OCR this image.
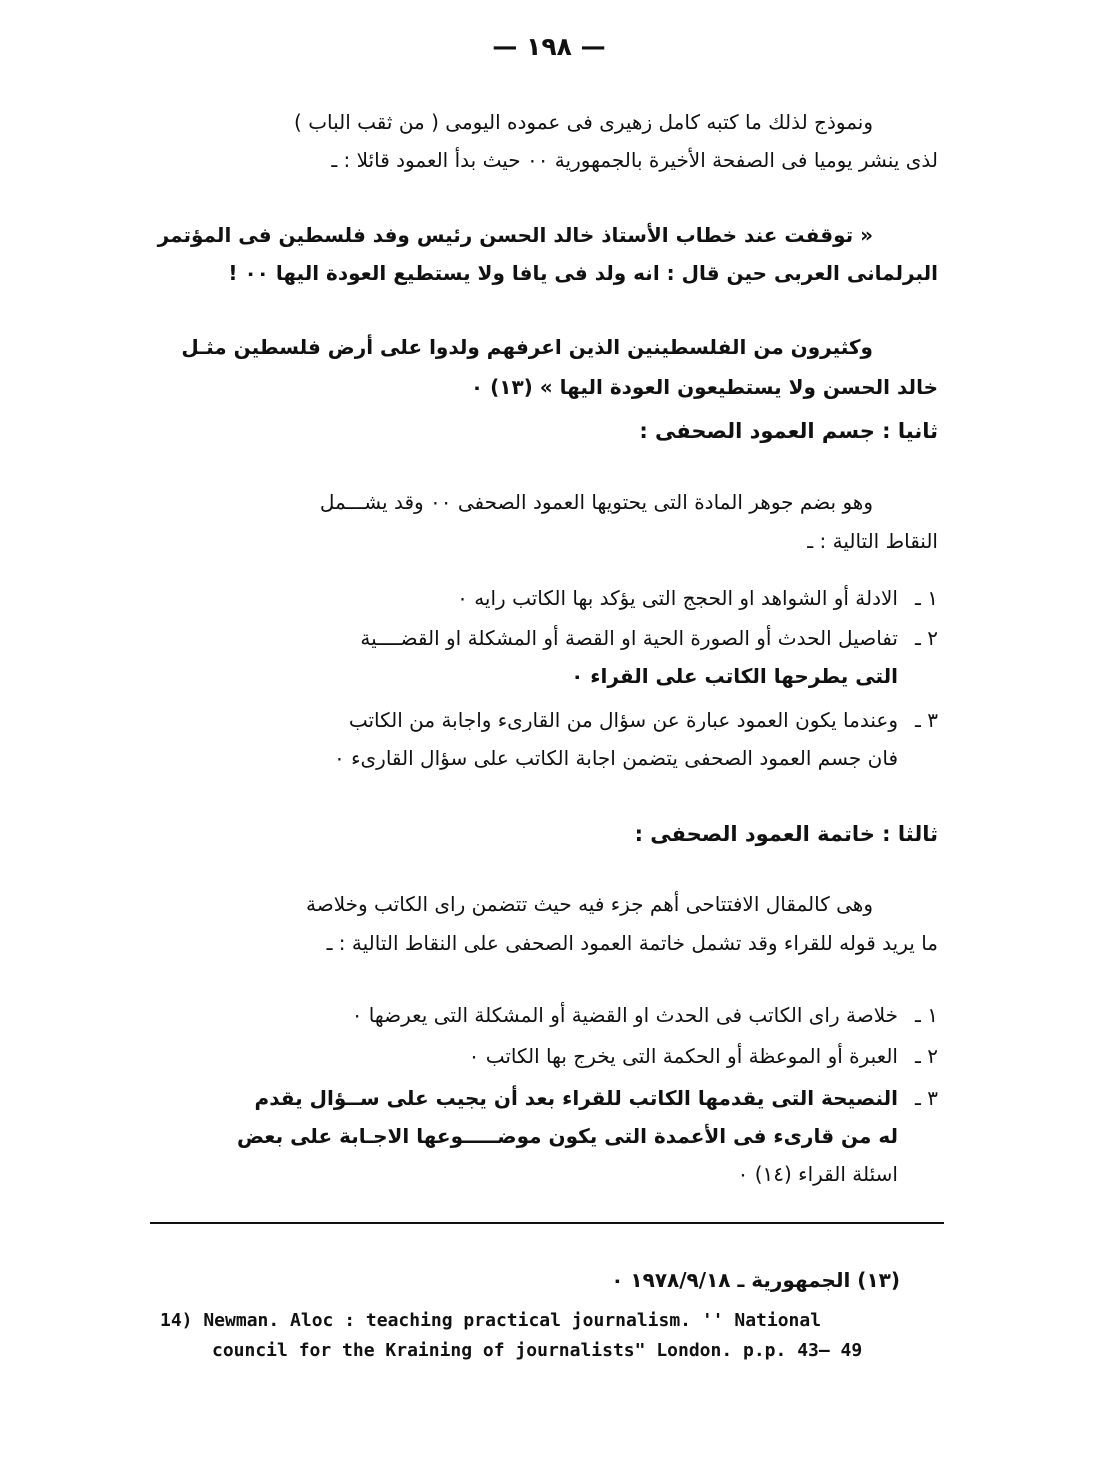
— ١٩٨ —

ونموذج لذلك ما كتبه كامل زهيرى فى عموده اليومى ( من ثقب الباب )

لذى ينشر يوميا فى الصفحة الأخيرة بالجمهورية ٠٠ حيث بدأ العمود قائلا : ـ

« توقفت عند خطاب الأستاذ خالد الحسن رئيس وفد فلسطين فى المؤتمر

البرلمانى العربى حين قال : انه ولد فى يافا ولا يستطيع العودة اليها ٠٠ !

وكثيرون من الفلسطينين الذين اعرفهم ولدوا على أرض فلسطين مثـل

خالد الحسن ولا يستطيعون العودة اليها » (١٣) ٠

ثانيا : جسم العمود الصحفى :

وهو بضم جوهر المادة التى يحتويها العمود الصحفى ٠٠ وقد يشـــمل

النقاط التالية : ـ

١ ـ
الادلة أو الشواهد او الحجج التى يؤكد بها الكاتب رايه ٠
٢ ـ
تفاصيل الحدث أو الصورة الحية او القصة أو المشكلة او القضــــية
التى يطرحها الكاتب على القراء ٠
٣ ـ
وعندما يكون العمود عبارة عن سؤال من القارىء واجابة من الكاتب
فان جسم العمود الصحفى يتضمن اجابة الكاتب على سؤال القارىء ٠

ثالثا : خاتمة العمود الصحفى :

وهى كالمقال الافتتاحى أهم جزء فيه حيث تتضمن راى الكاتب وخلاصة

ما يريد قوله للقراء وقد تشمل خاتمة العمود الصحفى على النقاط التالية : ـ

١ ـ
خلاصة راى الكاتب فى الحدث او القضية أو المشكلة التى يعرضها ٠
٢ ـ
العبرة أو الموعظة أو الحكمة التى يخرج بها الكاتب ٠
٣ ـ
النصيحة التى يقدمها الكاتب للقراء بعد أن يجيب على ســؤال يقدم
له من قارىء فى الأعمدة التى يكون موضـــــوعها الاجـابة على بعض
اسئلة القراء (١٤) ٠
(١٣) الجمهورية ـ ١٩٧٨/٩/١٨ ٠
14) Newman. Aloc : teaching practical journalism. '' National
council for the Kraining of journalists" London. p.p. 43— 49
